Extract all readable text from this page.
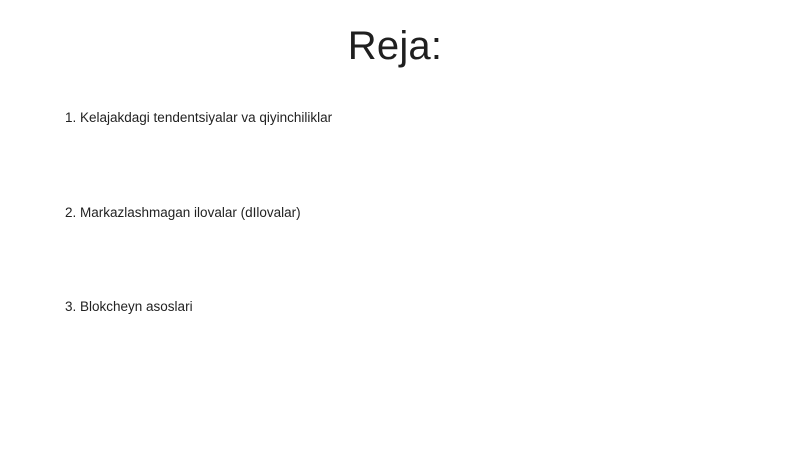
Reja:
1. Kelajakdagi tendentsiyalar va qiyinchiliklar
2. Markazlashmagan ilovalar (dIlovalar)
3. Blokcheyn asoslari
